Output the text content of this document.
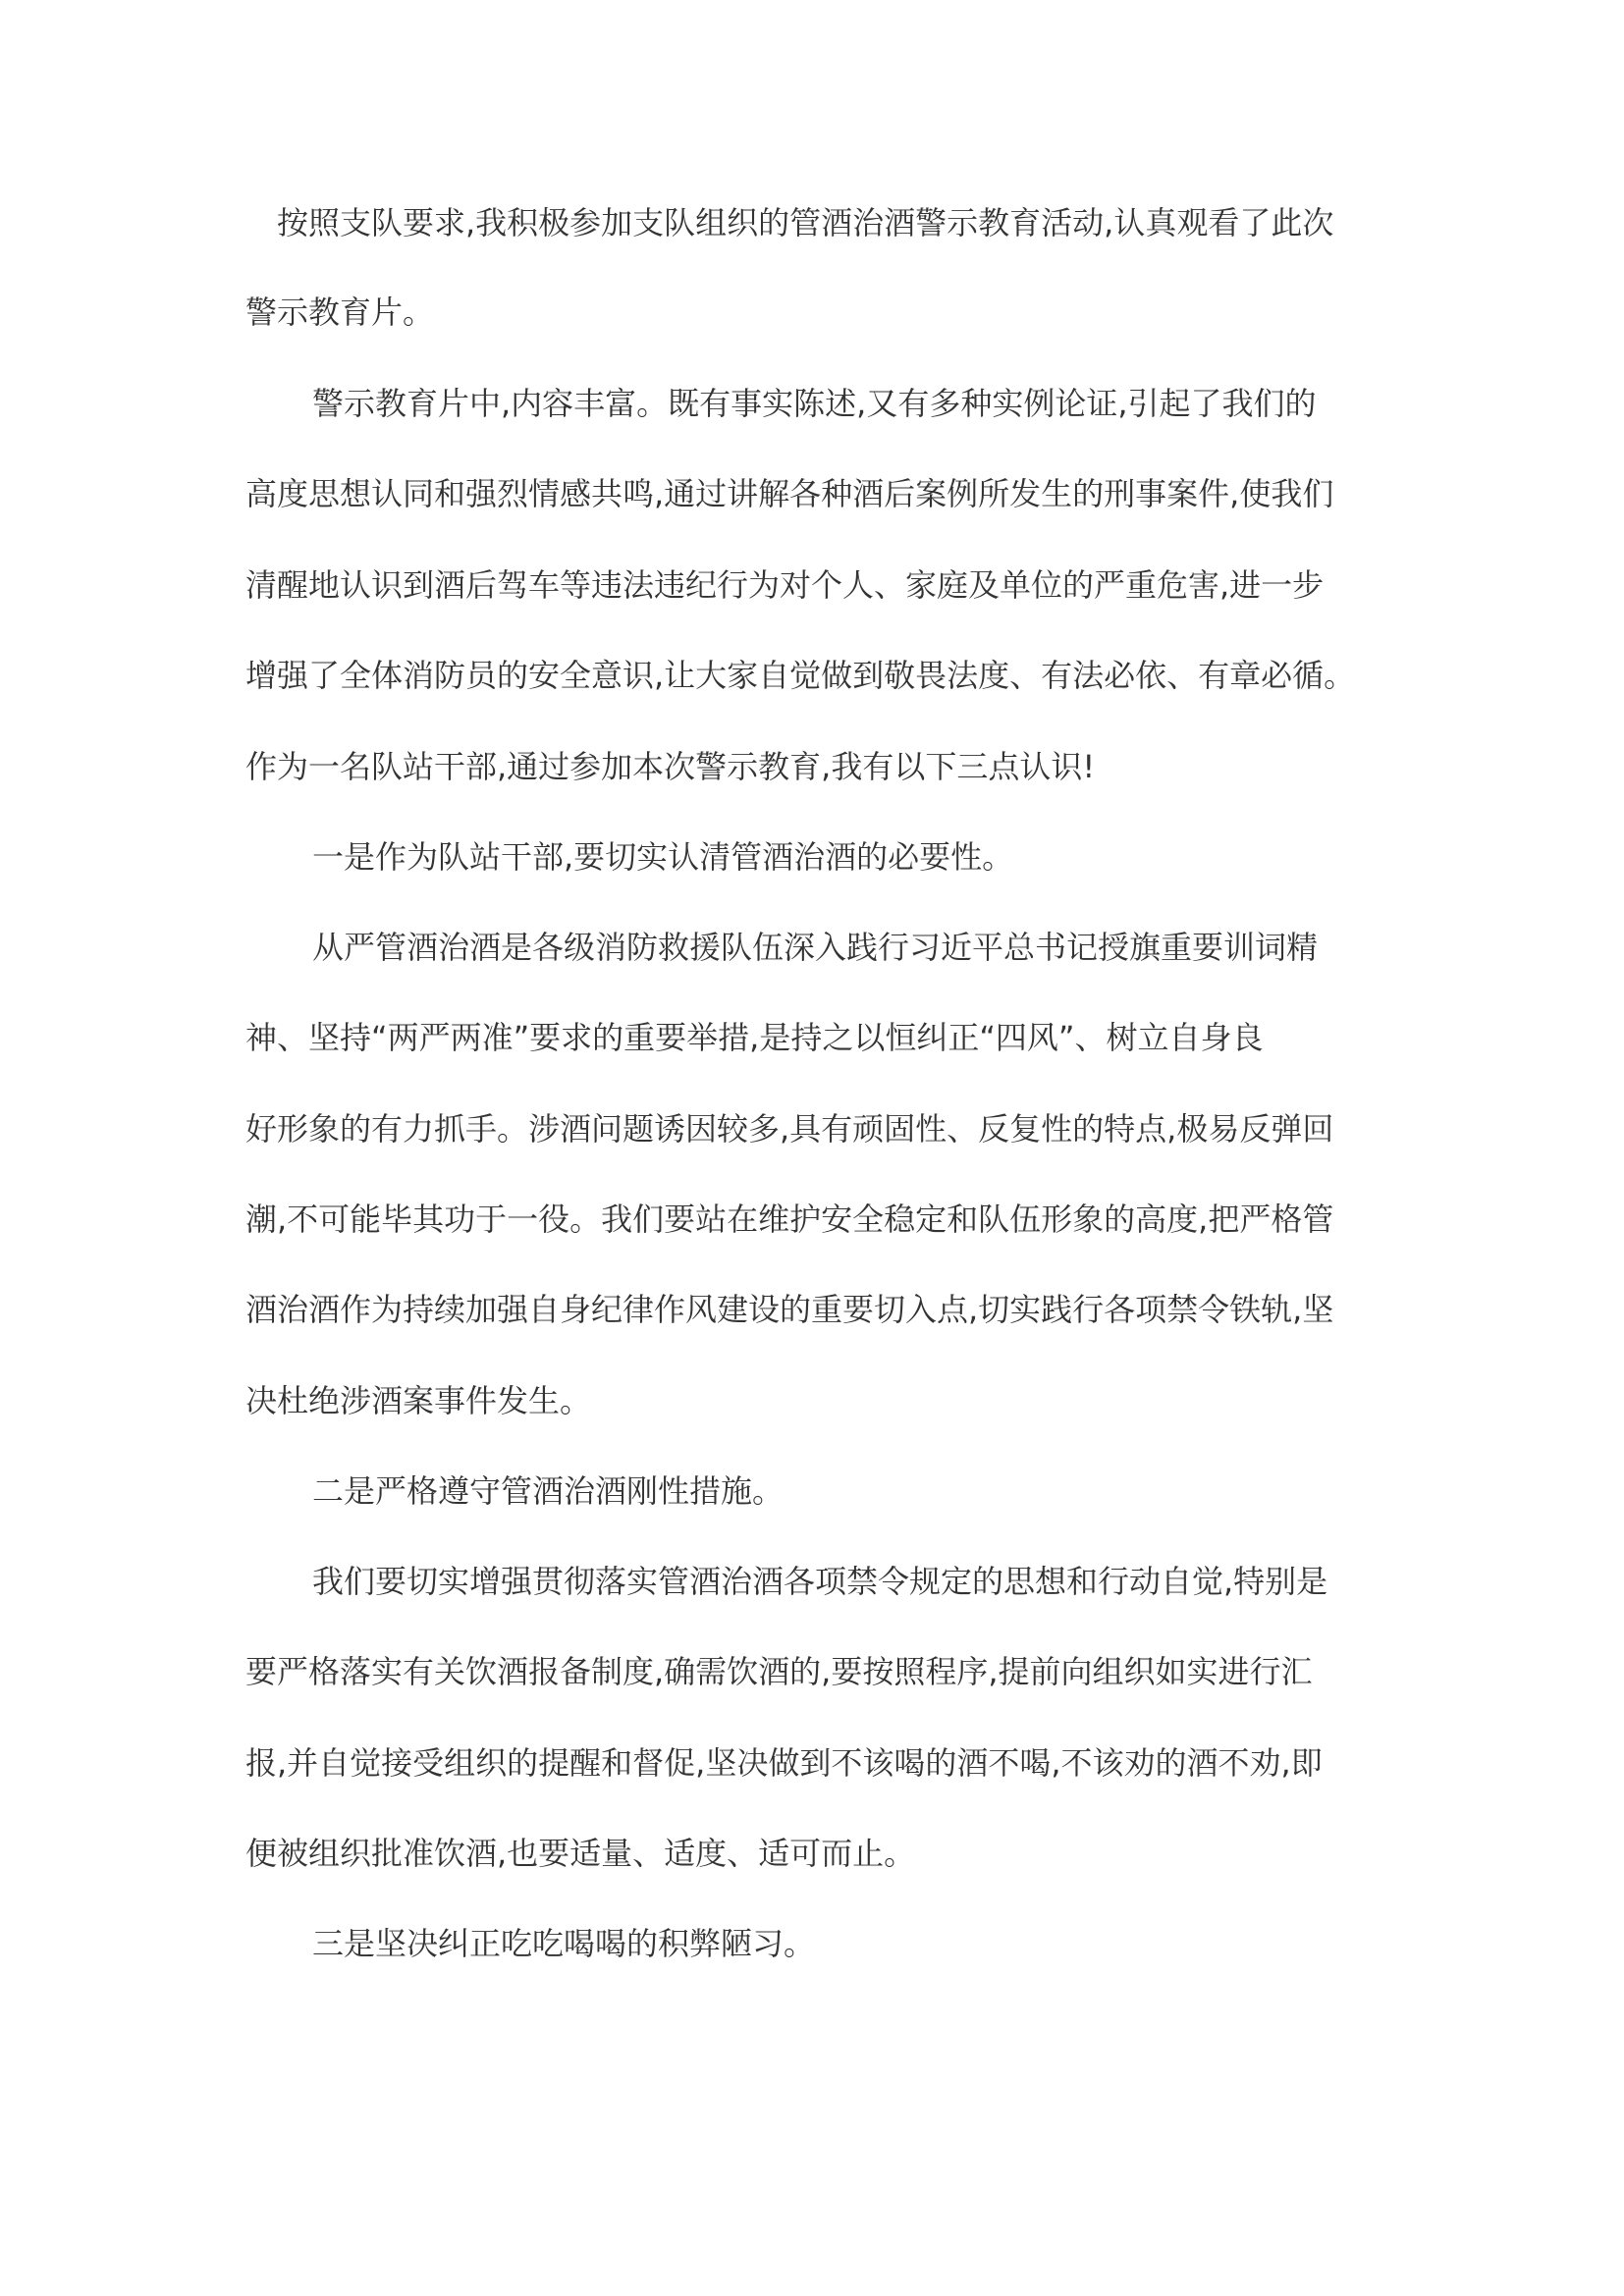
按照支队要求,我积极参加支队组织的管酒治酒警示教育活动,认真观看了此次
警示教育片。
警示教育片中,内容丰富。既有事实陈述,又有多种实例论证,引起了我们的
高度思想认同和强烈情感共鸣,通过讲解各种酒后案例所发生的刑事案件,使我们
清醒地认识到酒后驾车等违法违纪行为对个人、家庭及单位的严重危害,进一步
增强了全体消防员的安全意识,让大家自觉做到敬畏法度、有法必依、有章必循。
作为一名队站干部,通过参加本次警示教育,我有以下三点认识!
一是作为队站干部,要切实认清管酒治酒的必要性。
从严管酒治酒是各级消防救援队伍深入践行习近平总书记授旗重要训词精
神、坚持“两严两准”要求的重要举措,是持之以恒纠正“四风”、树立自身良
好形象的有力抓手。涉酒问题诱因较多,具有顽固性、反复性的特点,极易反弹回
潮,不可能毕其功于一役。我们要站在维护安全稳定和队伍形象的高度,把严格管
酒治酒作为持续加强自身纪律作风建设的重要切入点,切实践行各项禁令铁轨,坚
决杜绝涉酒案事件发生。
二是严格遵守管酒治酒刚性措施。
我们要切实增强贯彻落实管酒治酒各项禁令规定的思想和行动自觉,特别是
要严格落实有关饮酒报备制度,确需饮酒的,要按照程序,提前向组织如实进行汇
报,并自觉接受组织的提醒和督促,坚决做到不该喝的酒不喝,不该劝的酒不劝,即
便被组织批准饮酒,也要适量、适度、适可而止。
三是坚决纠正吃吃喝喝的积弊陋习。
